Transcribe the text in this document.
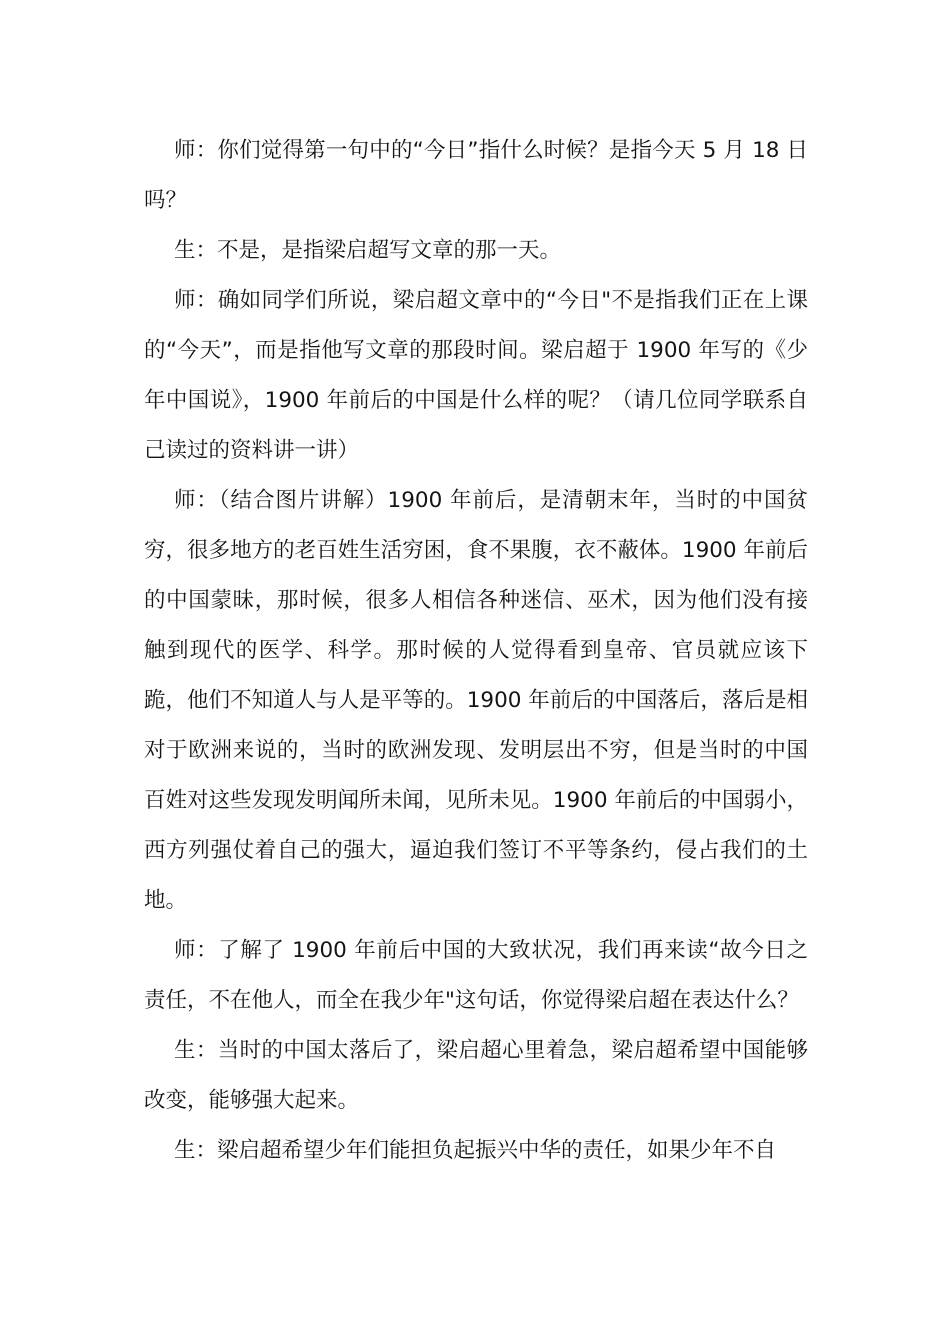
师：你们觉得第一句中的“今日”指什么时候？是指今天 5 月 18 日吗？

生：不是，是指梁启超写文章的那一天。

师：确如同学们所说，梁启超文章中的“今日"不是指我们正在上课的“今天”，而是指他写文章的那段时间。梁启超于 1900 年写的《少年中国说》，1900 年前后的中国是什么样的呢？（请几位同学联系自己读过的资料讲一讲）

师：（结合图片讲解）1900 年前后，是清朝末年，当时的中国贫穷，很多地方的老百姓生活穷困，食不果腹，衣不蔽体。1900 年前后的中国蒙昧，那时候，很多人相信各种迷信、巫术，因为他们没有接触到现代的医学、科学。那时候的人觉得看到皇帝、官员就应该下跪，他们不知道人与人是平等的。1900 年前后的中国落后，落后是相对于欧洲来说的，当时的欧洲发现、发明层出不穷，但是当时的中国百姓对这些发现发明闻所未闻，见所未见。1900 年前后的中国弱小，西方列强仗着自己的强大，逼迫我们签订不平等条约，侵占我们的土地。

师：了解了 1900 年前后中国的大致状况，我们再来读“故今日之责任，不在他人，而全在我少年"这句话，你觉得梁启超在表达什么？

生：当时的中国太落后了，梁启超心里着急，梁启超希望中国能够改变，能够强大起来。

生：梁启超希望少年们能担负起振兴中华的责任，如果少年不自
